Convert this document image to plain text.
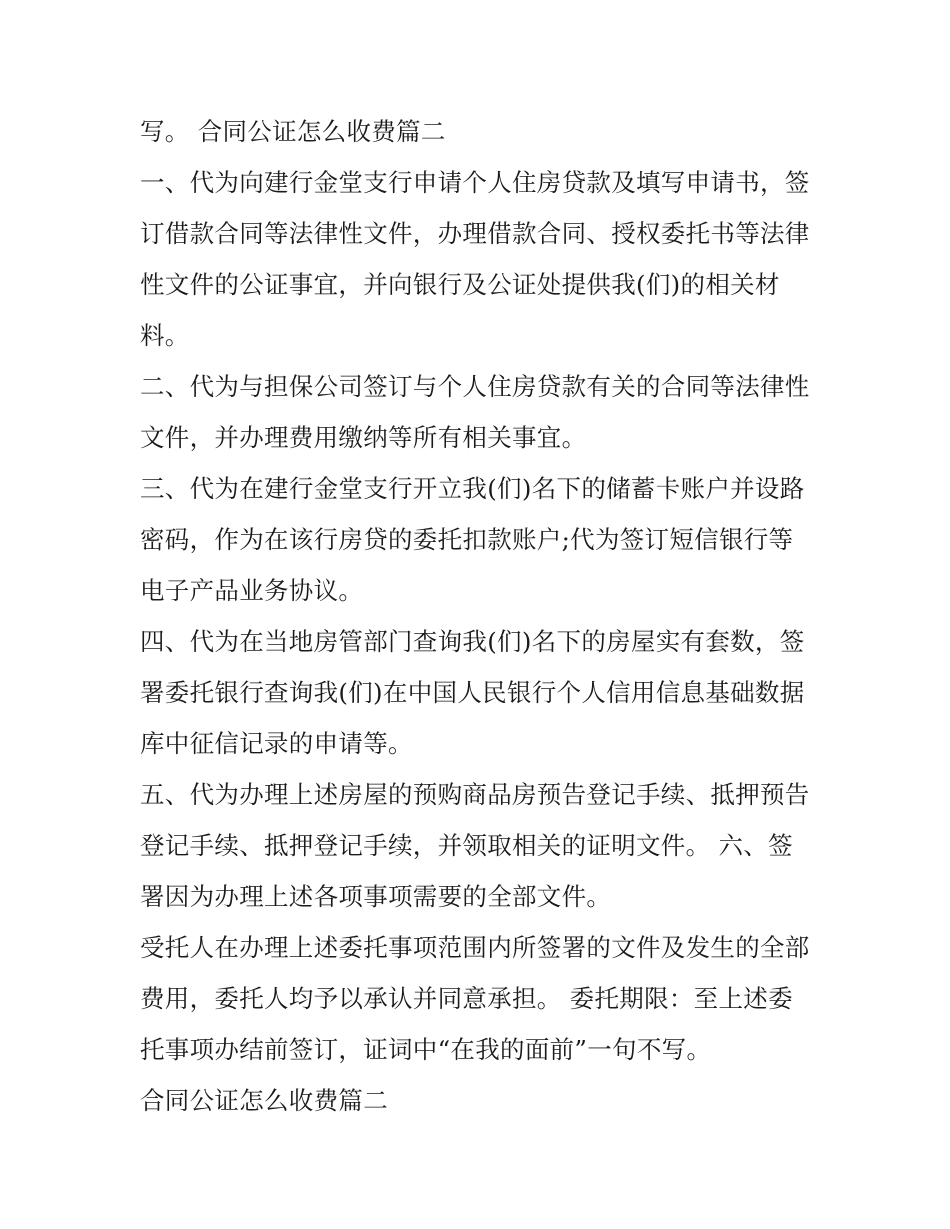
写。 合同公证怎么收费篇二

一、代为向建行金堂支行申请个人住房贷款及填写申请书，签订借款合同等法律性文件，办理借款合同、授权委托书等法律性文件的公证事宜，并向银行及公证处提供我(们)的相关材料。

二、代为与担保公司签订与个人住房贷款有关的合同等法律性文件，并办理费用缴纳等所有相关事宜。

三、代为在建行金堂支行开立我(们)名下的储蓄卡账户并设路密码，作为在该行房贷的委托扣款账户;代为签订短信银行等电子产品业务协议。

四、代为在当地房管部门查询我(们)名下的房屋实有套数，签署委托银行查询我(们)在中国人民银行个人信用信息基础数据库中征信记录的申请等。

五、代为办理上述房屋的预购商品房预告登记手续、抵押预告登记手续、抵押登记手续，并领取相关的证明文件。 六、签署因为办理上述各项事项需要的全部文件。

受托人在办理上述委托事项范围内所签署的文件及发生的全部费用，委托人均予以承认并同意承担。 委托期限：至上述委托事项办结前签订，证词中“在我的面前”一句不写。

合同公证怎么收费篇二
